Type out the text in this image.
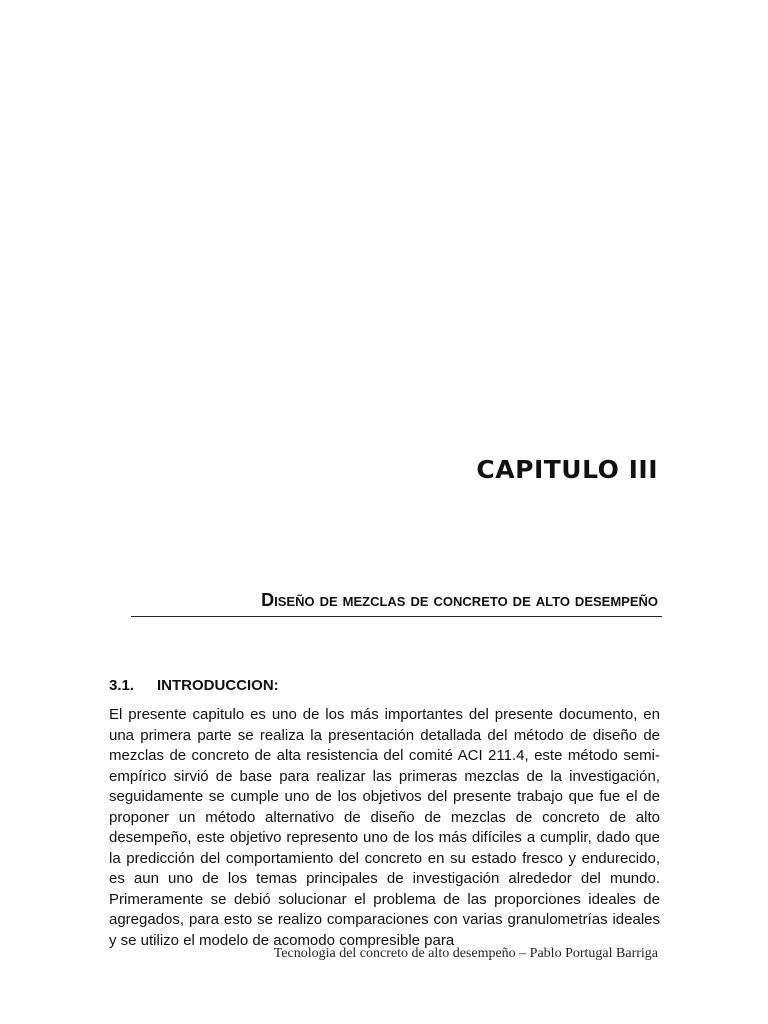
CAPITULO III
Diseño de mezclas de concreto de alto desempeño
3.1. INTRODUCCION:

El presente capitulo es uno de los más importantes del presente documento, en una primera parte se realiza la presentación detallada del método de diseño de mezclas de concreto de alta resistencia del comité ACI 211.4, este método semi-empírico sirvió de base para realizar las primeras mezclas de la investigación, seguidamente se cumple uno de los objetivos del presente trabajo que fue el de proponer un método alternativo de diseño de mezclas de concreto de alto desempeño, este objetivo represento uno de los más difíciles a cumplir, dado que la predicción del comportamiento del concreto en su estado fresco y endurecido, es aun uno de los temas principales de investigación alrededor del mundo. Primeramente se debió solucionar el problema de las proporciones ideales de agregados, para esto se realizo comparaciones con varias granulometrías ideales y se utilizo el modelo de acomodo compresible para

Tecnologia del concreto de alto desempeño – Pablo Portugal Barriga
